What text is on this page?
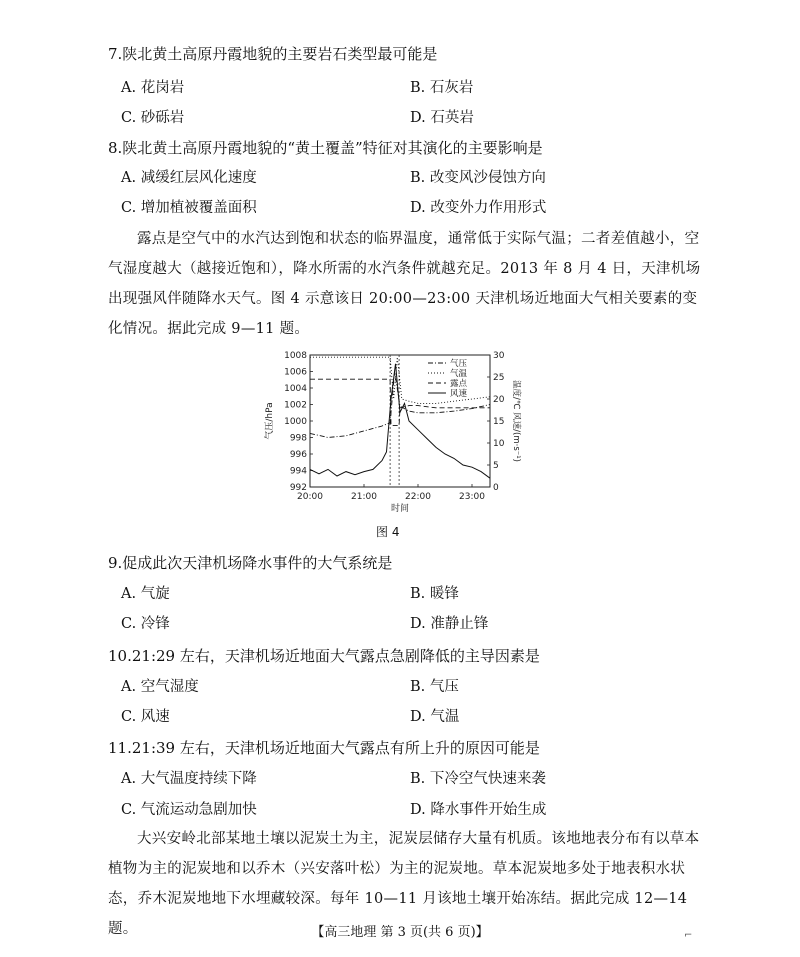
7.陕北黄土高原丹霞地貌的主要岩石类型最可能是
A. 花岗岩	B. 石灰岩
C. 砂砾岩	D. 石英岩
8.陕北黄土高原丹霞地貌的“黄土覆盖”特征对其演化的主要影响是
A. 减缓红层风化速度	B. 改变风沙侵蚀方向
C. 增加植被覆盖面积	D. 改变外力作用形式
露点是空气中的水汽达到饱和状态的临界温度，通常低于实际气温；二者差值越小，空气湿度越大（越接近饱和），降水所需的水汽条件就越充足。2013 年 8 月 4 日，天津机场出现强风伴随降水天气。图 4 示意该日 20:00—23:00 天津机场近地面大气相关要素的变化情况。据此完成 9—11 题。
992
994
996
998
1000
1002
1004
1006
1008
0
5
10
15
20
25
30
20:00	21:00	22:00	23:00
时间
气压/hPa	温度/℃ 风速/(m·s⁻¹)
气压
气温
露点
风速
图 4
9.促成此次天津机场降水事件的大气系统是
A. 气旋	B. 暖锋
C. 冷锋	D. 准静止锋
10.21:29 左右，天津机场近地面大气露点急剧降低的主导因素是
A. 空气湿度	B. 气压
C. 风速	D. 气温
11.21:39 左右，天津机场近地面大气露点有所上升的原因可能是
A. 大气温度持续下降	B. 下冷空气快速来袭
C. 气流运动急剧加快	D. 降水事件开始生成
大兴安岭北部某地土壤以泥炭土为主，泥炭层储存大量有机质。该地地表分布有以草本植物为主的泥炭地和以乔木（兴安落叶松）为主的泥炭地。草本泥炭地多处于地表积水状态，乔木泥炭地地下水埋藏较深。每年 10—11 月该地土壤开始冻结。据此完成 12—14 题。	【高三地理 第 3 页(共 6 页)】	⌐
